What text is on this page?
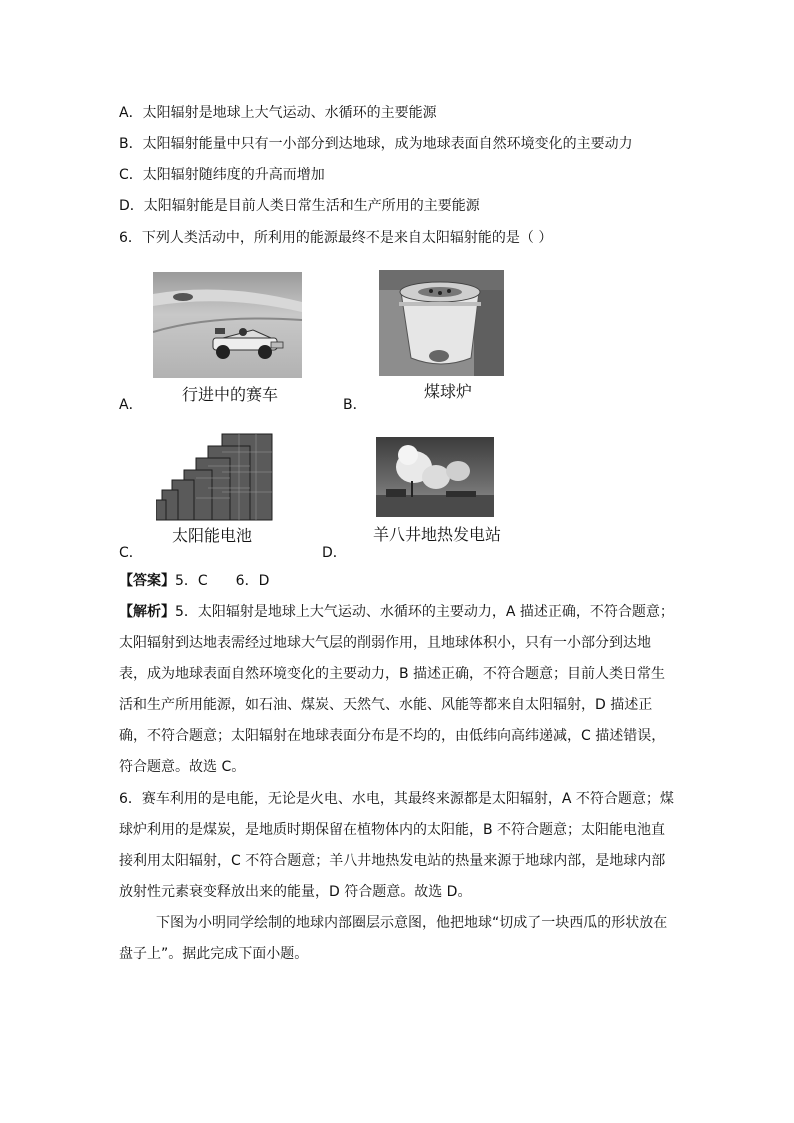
A．太阳辐射是地球上大气运动、水循环的主要能源
B．太阳辐射能量中只有一小部分到达地球，成为地球表面自然环境变化的主要动力
C．太阳辐射随纬度的升高而增加
D．太阳辐射能是目前人类日常生活和生产所用的主要能源
6．下列人类活动中，所利用的能源最终不是来自太阳辐射能的是（ ）
A．
行进中的赛车
B．
煤球炉
C．
太阳能电池
D．
羊八井地热发电站
【答案】5．C　　6．D
【解析】5．太阳辐射是地球上大气运动、水循环的主要动力，A 描述正确，不符合题意；
太阳辐射到达地表需经过地球大气层的削弱作用，且地球体积小，只有一小部分到达地
表，成为地球表面自然环境变化的主要动力，B 描述正确，不符合题意；目前人类日常生
活和生产所用能源，如石油、煤炭、天然气、水能、风能等都来自太阳辐射，D 描述正
确，不符合题意；太阳辐射在地球表面分布是不均的，由低纬向高纬递减，C 描述错误，
符合题意。故选 C。
6．赛车利用的是电能，无论是火电、水电，其最终来源都是太阳辐射，A 不符合题意；煤
球炉利用的是煤炭，是地质时期保留在植物体内的太阳能，B 不符合题意；太阳能电池直
接利用太阳辐射，C 不符合题意；羊八井地热发电站的热量来源于地球内部，是地球内部
放射性元素衰变释放出来的能量，D 符合题意。故选 D。
下图为小明同学绘制的地球内部圈层示意图，他把地球“切成了一块西瓜的形状放在
盘子上”。据此完成下面小题。
